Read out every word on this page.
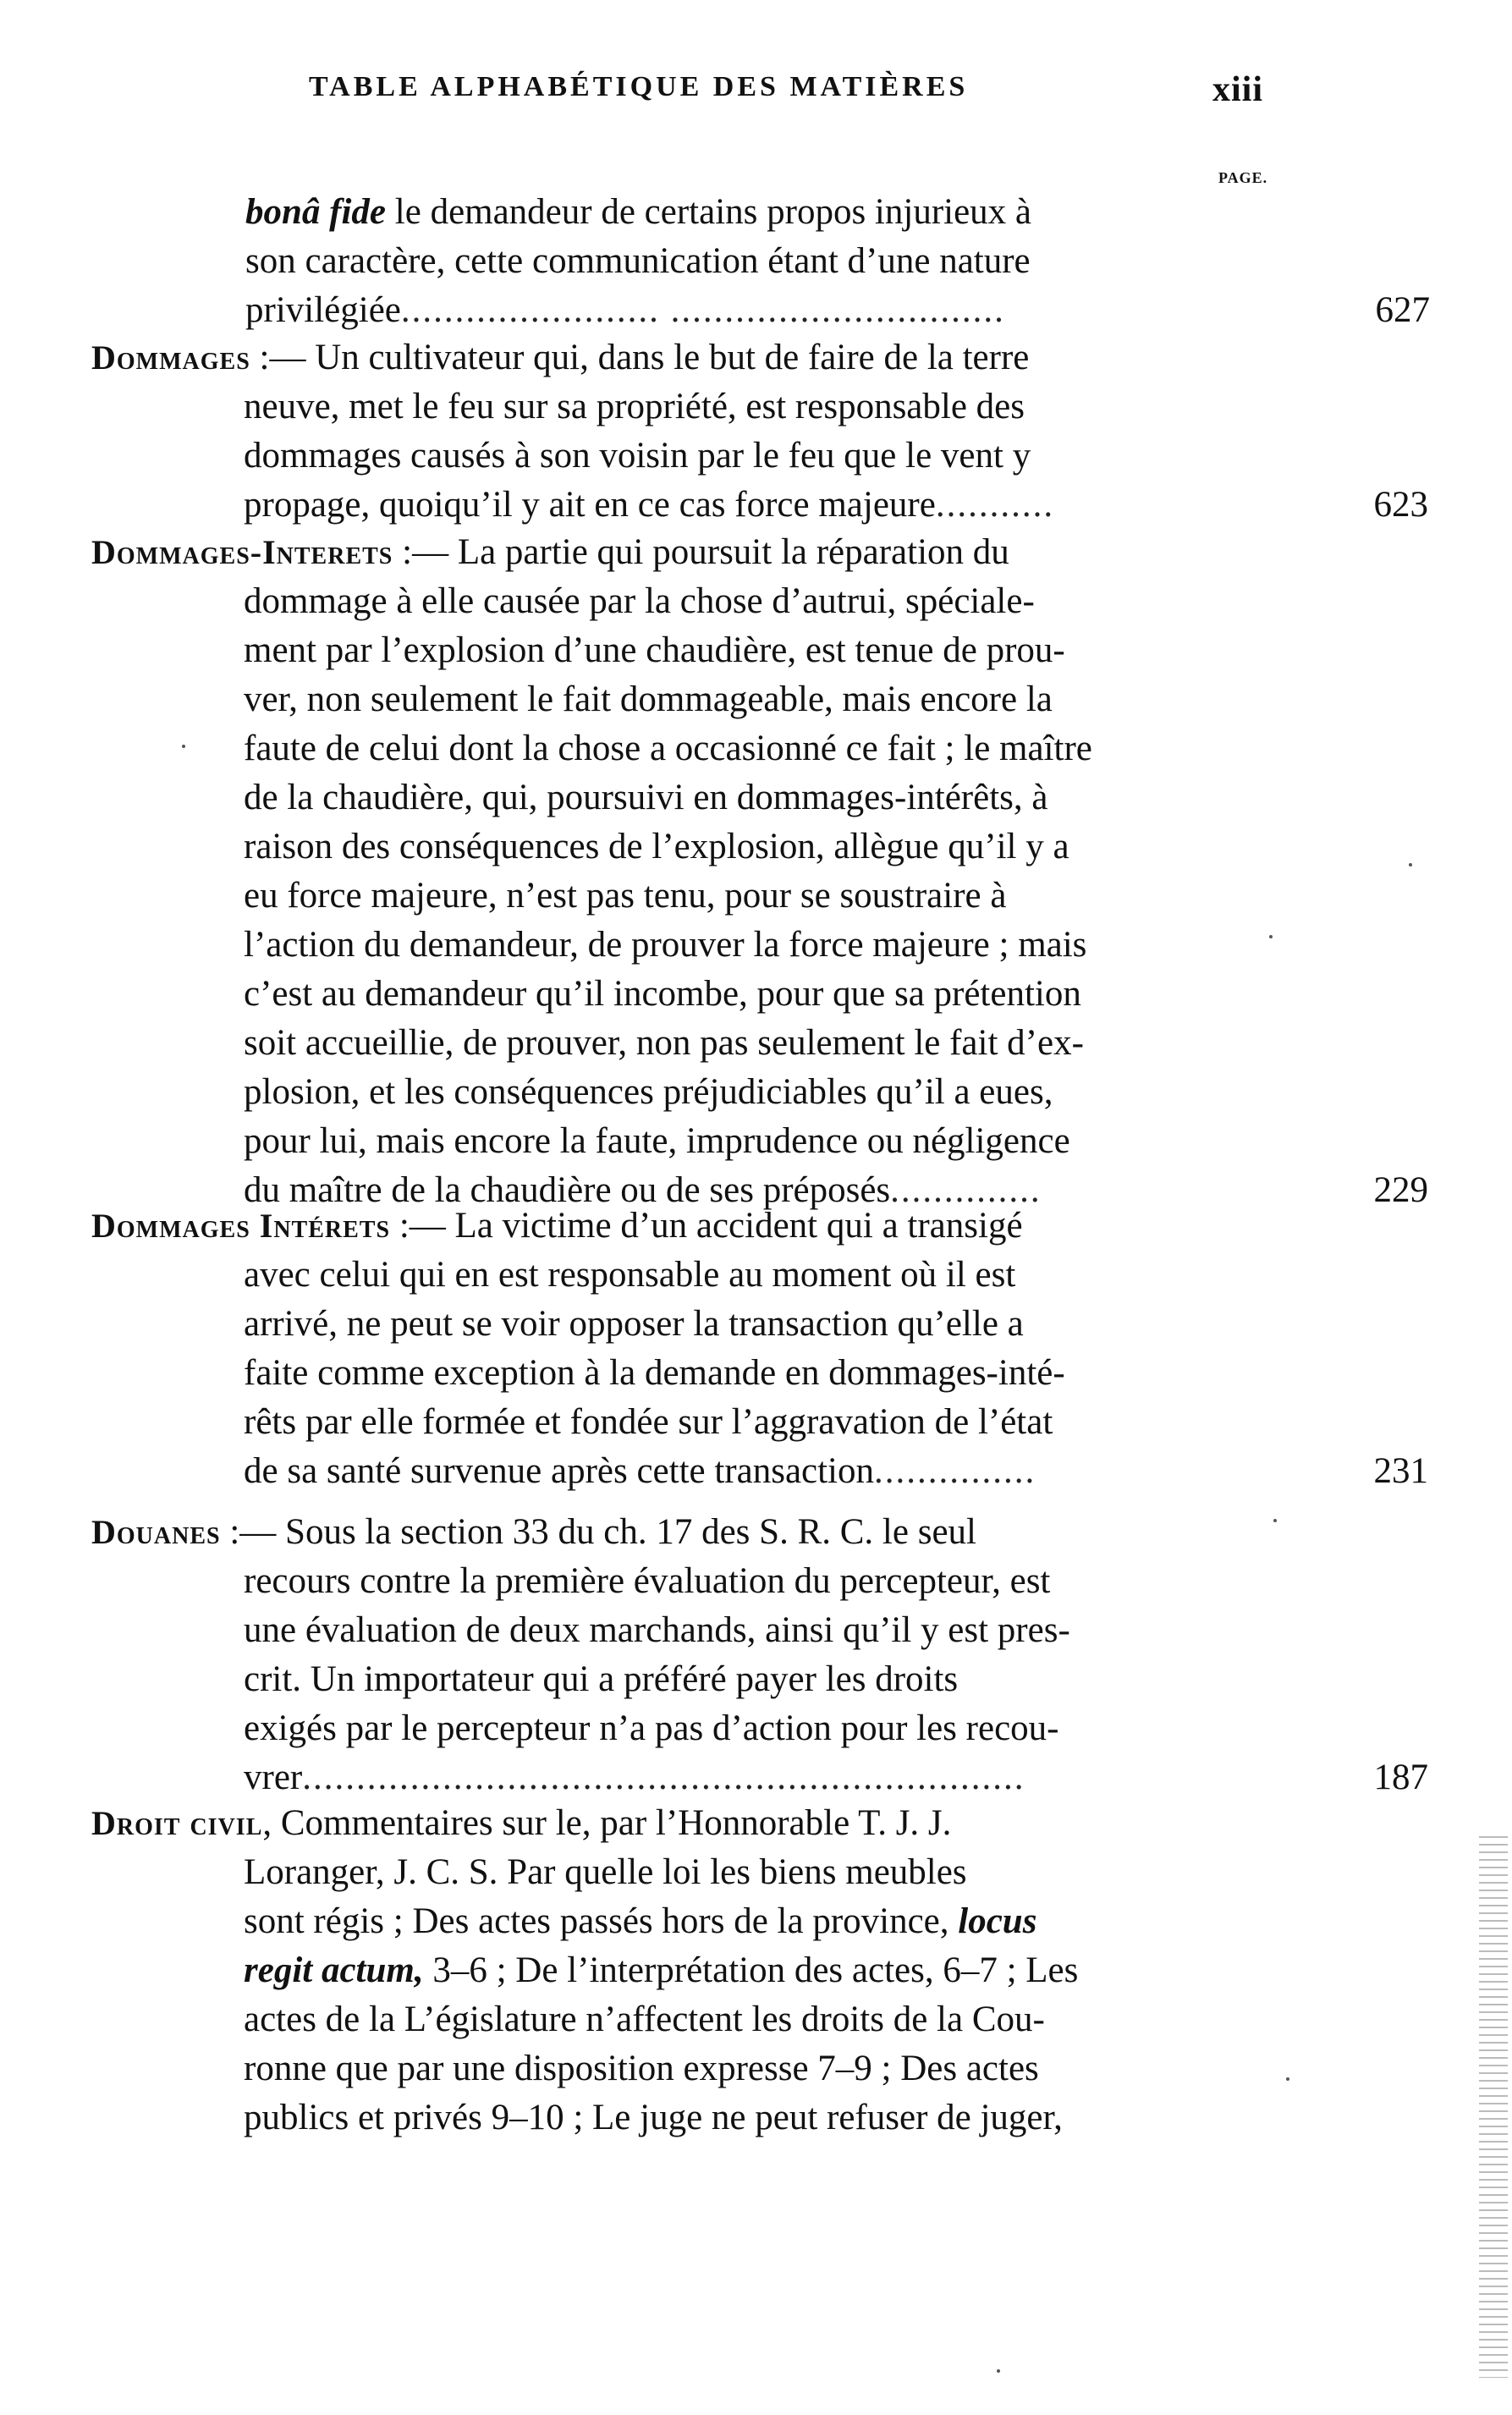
TABLE ALPHABÉTIQUE DES MATIÈRES	xiii
PAGE.
bonâ fide le demandeur de certains propos injurieux à
son caractère, cette communication étant d’une nature
privilégiée........................ ...............................	627
Dommages :— Un cultivateur qui, dans le but de faire de la terre
neuve, met le feu sur sa propriété, est responsable des
dommages causés à son voisin par le feu que le vent y
propage, quoiqu’il y ait en ce cas force majeure...........	623
Dommages-Interets :— La partie qui poursuit la réparation du
dommage à elle causée par la chose d’autrui, spéciale-
ment par l’explosion d’une chaudière, est tenue de prou-
ver, non seulement le fait dommageable, mais encore la
faute de celui dont la chose a occasionné ce fait ; le maître
de la chaudière, qui, poursuivi en dommages-intérêts, à
raison des conséquences de l’explosion, allègue qu’il y a
eu force majeure, n’est pas tenu, pour se soustraire à
l’action du demandeur, de prouver la force majeure ; mais
c’est au demandeur qu’il incombe, pour que sa prétention
soit accueillie, de prouver, non pas seulement le fait d’ex-
plosion, et les conséquences préjudiciables qu’il a eues,
pour lui, mais encore la faute, imprudence ou négligence
du maître de la chaudière ou de ses préposés..............	229
Dommages Intérets :— La victime d’un accident qui a transigé
avec celui qui en est responsable au moment où il est
arrivé, ne peut se voir opposer la transaction qu’elle a
faite comme exception à la demande en dommages-inté-
rêts par elle formée et fondée sur l’aggravation de l’état
de sa santé survenue après cette transaction...............	231
Douanes :— Sous la section 33 du ch. 17 des S. R. C. le seul
recours contre la première évaluation du percepteur, est
une évaluation de deux marchands, ainsi qu’il y est pres-
crit. Un importateur qui a préféré payer les droits
exigés par le percepteur n’a pas d’action pour les recou-
vrer...................................................................	187
Droit civil, Commentaires sur le, par l’Honnorable T. J. J.
Loranger, J. C. S. Par quelle loi les biens meubles
sont régis ; Des actes passés hors de la province, locus
regit actum, 3–6 ; De l’interprétation des actes, 6–7 ; Les
actes de la L’égislature n’affectent les droits de la Cou-
ronne que par une disposition expresse 7–9 ; Des actes
publics et privés 9–10 ; Le juge ne peut refuser de juger,
